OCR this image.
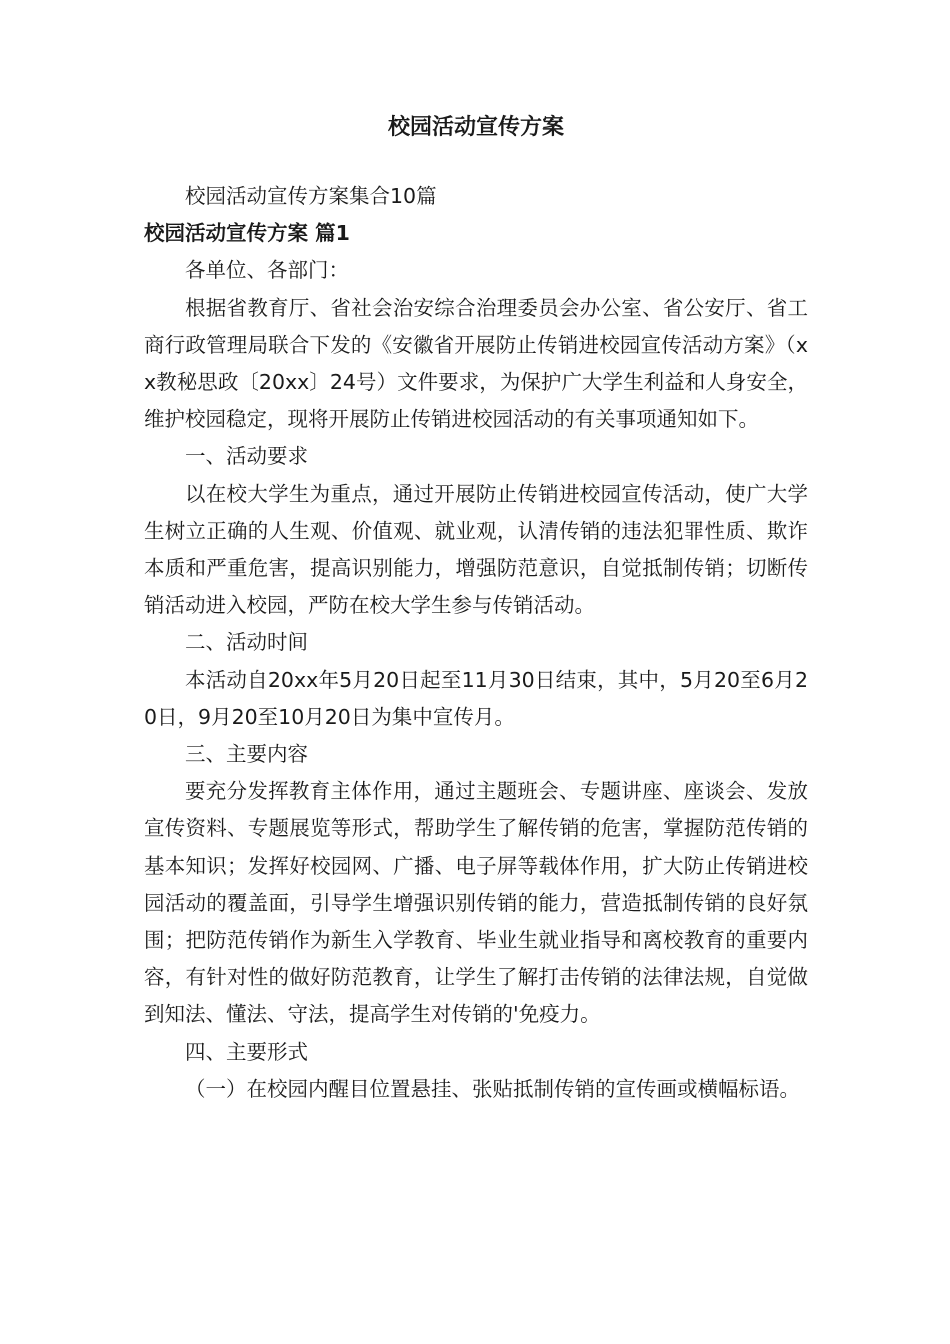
校园活动宣传方案

校园活动宣传方案集合10篇

校园活动宣传方案 篇1

各单位、各部门：

根据省教育厅、省社会治安综合治理委员会办公室、省公安厅、省工商行政管理局联合下发的《安徽省开展防止传销进校园宣传活动方案》（xx教秘思政〔20xx〕24号）文件要求，为保护广大学生利益和人身安全，维护校园稳定，现将开展防止传销进校园活动的有关事项通知如下。

一、活动要求

以在校大学生为重点，通过开展防止传销进校园宣传活动，使广大学生树立正确的人生观、价值观、就业观，认清传销的违法犯罪性质、欺诈本质和严重危害，提高识别能力，增强防范意识，自觉抵制传销；切断传销活动进入校园，严防在校大学生参与传销活动。

二、活动时间

本活动自20xx年5月20日起至11月30日结束，其中，5月20至6月20日，9月20至10月20日为集中宣传月。

三、主要内容

要充分发挥教育主体作用，通过主题班会、专题讲座、座谈会、发放宣传资料、专题展览等形式，帮助学生了解传销的危害，掌握防范传销的基本知识；发挥好校园网、广播、电子屏等载体作用，扩大防止传销进校园活动的覆盖面，引导学生增强识别传销的能力，营造抵制传销的良好氛围；把防范传销作为新生入学教育、毕业生就业指导和离校教育的重要内容，有针对性的做好防范教育，让学生了解打击传销的法律法规，自觉做到知法、懂法、守法，提高学生对传销的'免疫力。

四、主要形式

（一）在校园内醒目位置悬挂、张贴抵制传销的宣传画或横幅标语。
